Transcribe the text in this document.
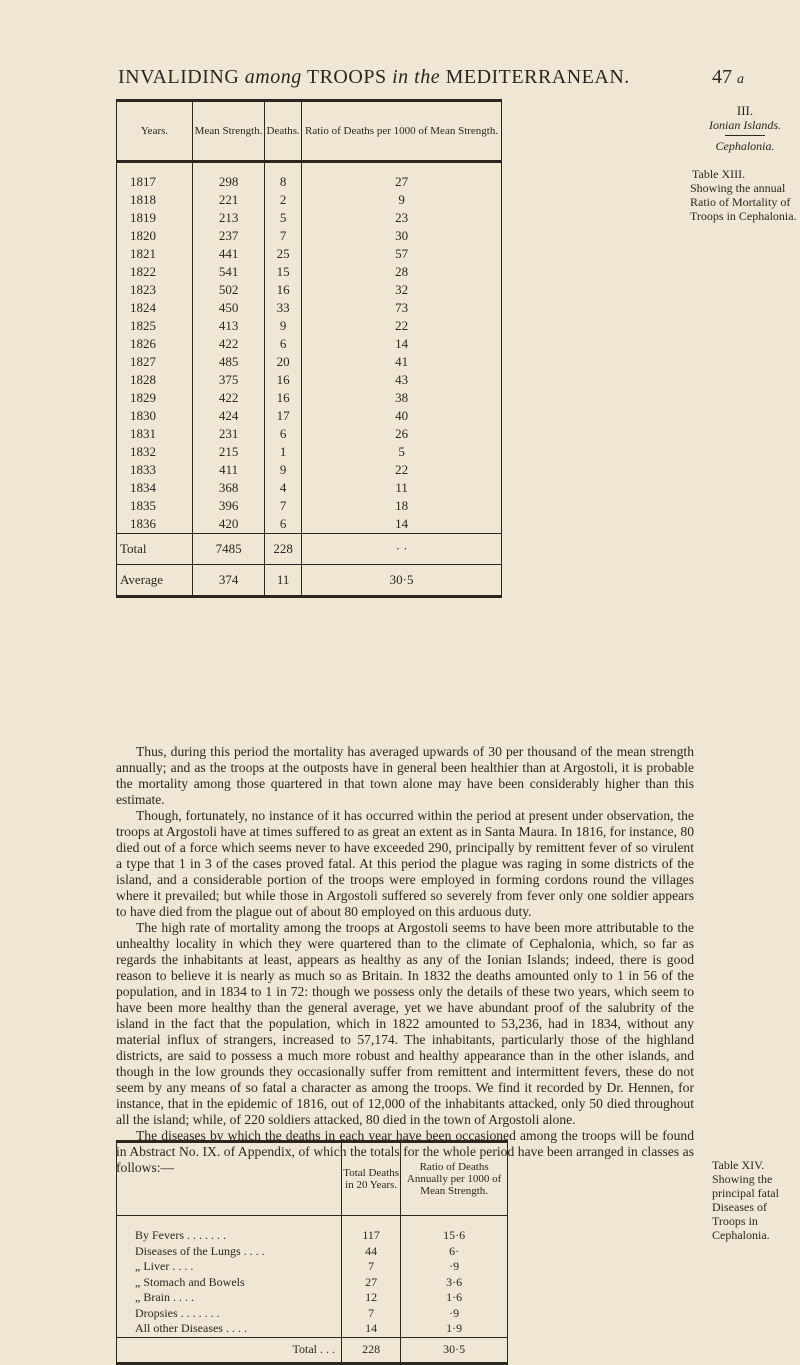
INVALIDING among TROOPS in the MEDITERRANEAN.	47 a
Years.	Mean Strength.	Deaths.	Ratio of Deaths per 1000 of Mean Strength.
1817	298	8	27
1818	221	2	9
1819	213	5	23
1820	237	7	30
1821	441	25	57
1822	541	15	28
1823	502	16	32
1824	450	33	73
1825	413	9	22
1826	422	6	14
1827	485	20	41
1828	375	16	43
1829	422	16	38
1830	424	17	40
1831	231	6	26
1832	215	1	5
1833	411	9	22
1834	368	4	11
1835	396	7	18
1836	420	6	14
Total	7485	228	· ·
Average	374	11	30·5
III.
Ionian Islands.
Cephalonia.
Table XIII.
Showing the annual Ratio of Mortality of Troops in Cephalonia.

Thus, during this period the mortality has averaged upwards of 30 per thousand of the mean strength annually; and as the troops at the outposts have in general been healthier than at Argostoli, it is probable the mortality among those quartered in that town alone may have been considerably higher than this estimate.

Though, fortunately, no instance of it has occurred within the period at present under observation, the troops at Argostoli have at times suffered to as great an extent as in Santa Maura. In 1816, for instance, 80 died out of a force which seems never to have exceeded 290, principally by remittent fever of so virulent a type that 1 in 3 of the cases proved fatal. At this period the plague was raging in some districts of the island, and a considerable portion of the troops were employed in forming cordons round the villages where it prevailed; but while those in Argostoli suffered so severely from fever only one soldier appears to have died from the plague out of about 80 employed on this arduous duty.

The high rate of mortality among the troops at Argostoli seems to have been more attributable to the unhealthy locality in which they were quartered than to the climate of Cephalonia, which, so far as regards the inhabitants at least, appears as healthy as any of the Ionian Islands; indeed, there is good reason to believe it is nearly as much so as Britain. In 1832 the deaths amounted only to 1 in 56 of the population, and in 1834 to 1 in 72: though we possess only the details of these two years, which seem to have been more healthy than the general average, yet we have abundant proof of the salubrity of the island in the fact that the population, which in 1822 amounted to 53,236, had in 1834, without any material influx of strangers, increased to 57,174. The inhabitants, particularly those of the highland districts, are said to possess a much more robust and healthy appearance than in the other islands, and though in the low grounds they occasionally suffer from remittent and intermittent fevers, these do not seem by any means of so fatal a character as among the troops. We find it recorded by Dr. Hennen, for instance, that in the epidemic of 1816, out of 12,000 of the inhabitants attacked, only 50 died throughout all the island; while, of 220 soldiers attacked, 80 died in the town of Argostoli alone.

The diseases by which the deaths in each year have been occasioned among the troops will be found in Abstract No. IX. of Appendix, of which the totals for the whole period have been arranged in classes as follows:—

		Total Deaths in 20 Years.	Ratio of Deaths Annually per 1000 of Mean Strength.
By Fevers . . . . . . .	117	15·6
Diseases of the Lungs . . . .	44	6·
„ Liver . . . .	7	·9
„ Stomach and Bowels	27	3·6
„ Brain . . . .	12	1·6
Dropsies . . . . . . .	7	·9
All other Diseases . . . .	14	1·9
Total . . .	228	30·5
Table XIV.
Showing the principal fatal Diseases of Troops in Cephalonia.
